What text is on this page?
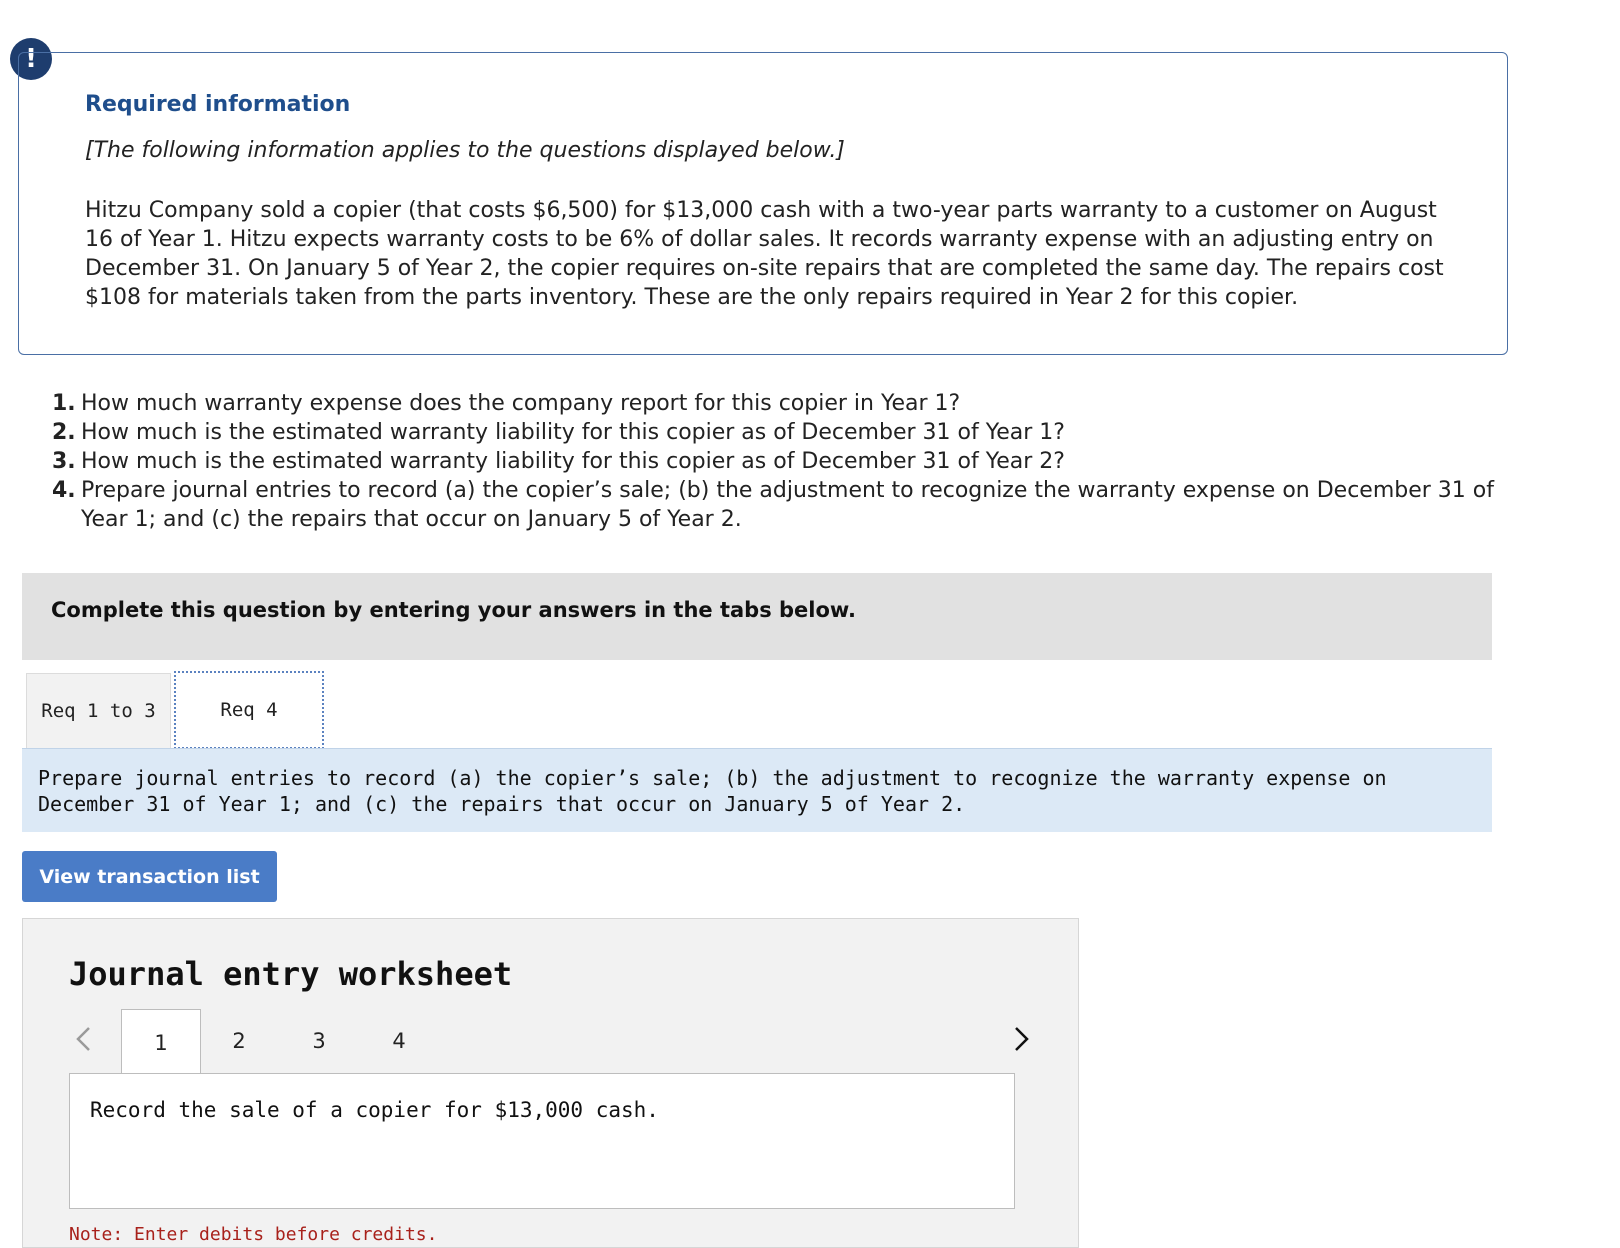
!
Required information
[The following information applies to the questions displayed below.]
Hitzu Company sold a copier (that costs $6,500) for $13,000 cash with a two-year parts warranty to a customer on August 16 of Year 1. Hitzu expects warranty costs to be 6% of dollar sales. It records warranty expense with an adjusting entry on December 31. On January 5 of Year 2, the copier requires on-site repairs that are completed the same day. The repairs cost $108 for materials taken from the parts inventory. These are the only repairs required in Year 2 for this copier.
1. How much warranty expense does the company report for this copier in Year 1?
2. How much is the estimated warranty liability for this copier as of December 31 of Year 1?
3. How much is the estimated warranty liability for this copier as of December 31 of Year 2?
4. Prepare journal entries to record (a) the copier’s sale; (b) the adjustment to recognize the warranty expense on December 31 of Year 1; and (c) the repairs that occur on January 5 of Year 2.
Complete this question by entering your answers in the tabs below.
Req 1 to 3	Req 4
Prepare journal entries to record (a) the copier’s sale; (b) the adjustment to recognize the warranty expense on December 31 of Year 1; and (c) the repairs that occur on January 5 of Year 2.
View transaction list
Journal entry worksheet
1	2	3	4
Record the sale of a copier for $13,000 cash.
Note: Enter debits before credits.
